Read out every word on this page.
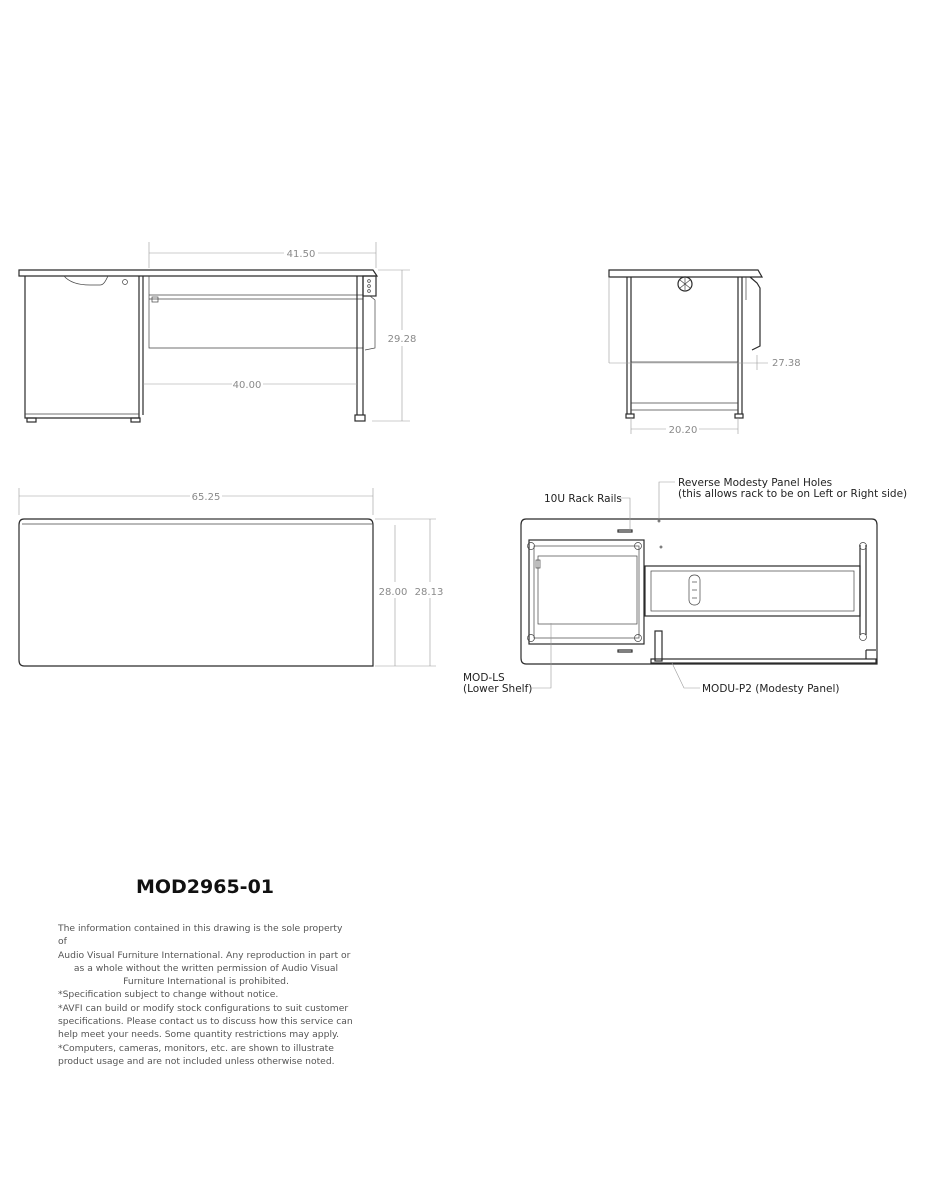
41.50
29.28
40.00
27.38
20.20
65.25
28.00 28.13
Reverse Modesty Panel Holes
(this allows rack to be on Left or Right side)
10U Rack Rails
MOD-LS
(Lower Shelf)	MODU-P2 (Modesty Panel)
MOD2965-01

The information contained in this drawing is the sole property of

Audio Visual Furniture International. Any reproduction in part or

as a whole without the written permission of Audio Visual

Furniture International is prohibited.

*Specification subject to change without notice.

*AVFI can build or modify stock configurations to suit customer

specifications. Please contact us to discuss how this service can

help meet your needs. Some quantity restrictions may apply.

*Computers, cameras, monitors, etc. are shown to illustrate

product usage and are not included unless otherwise noted.
